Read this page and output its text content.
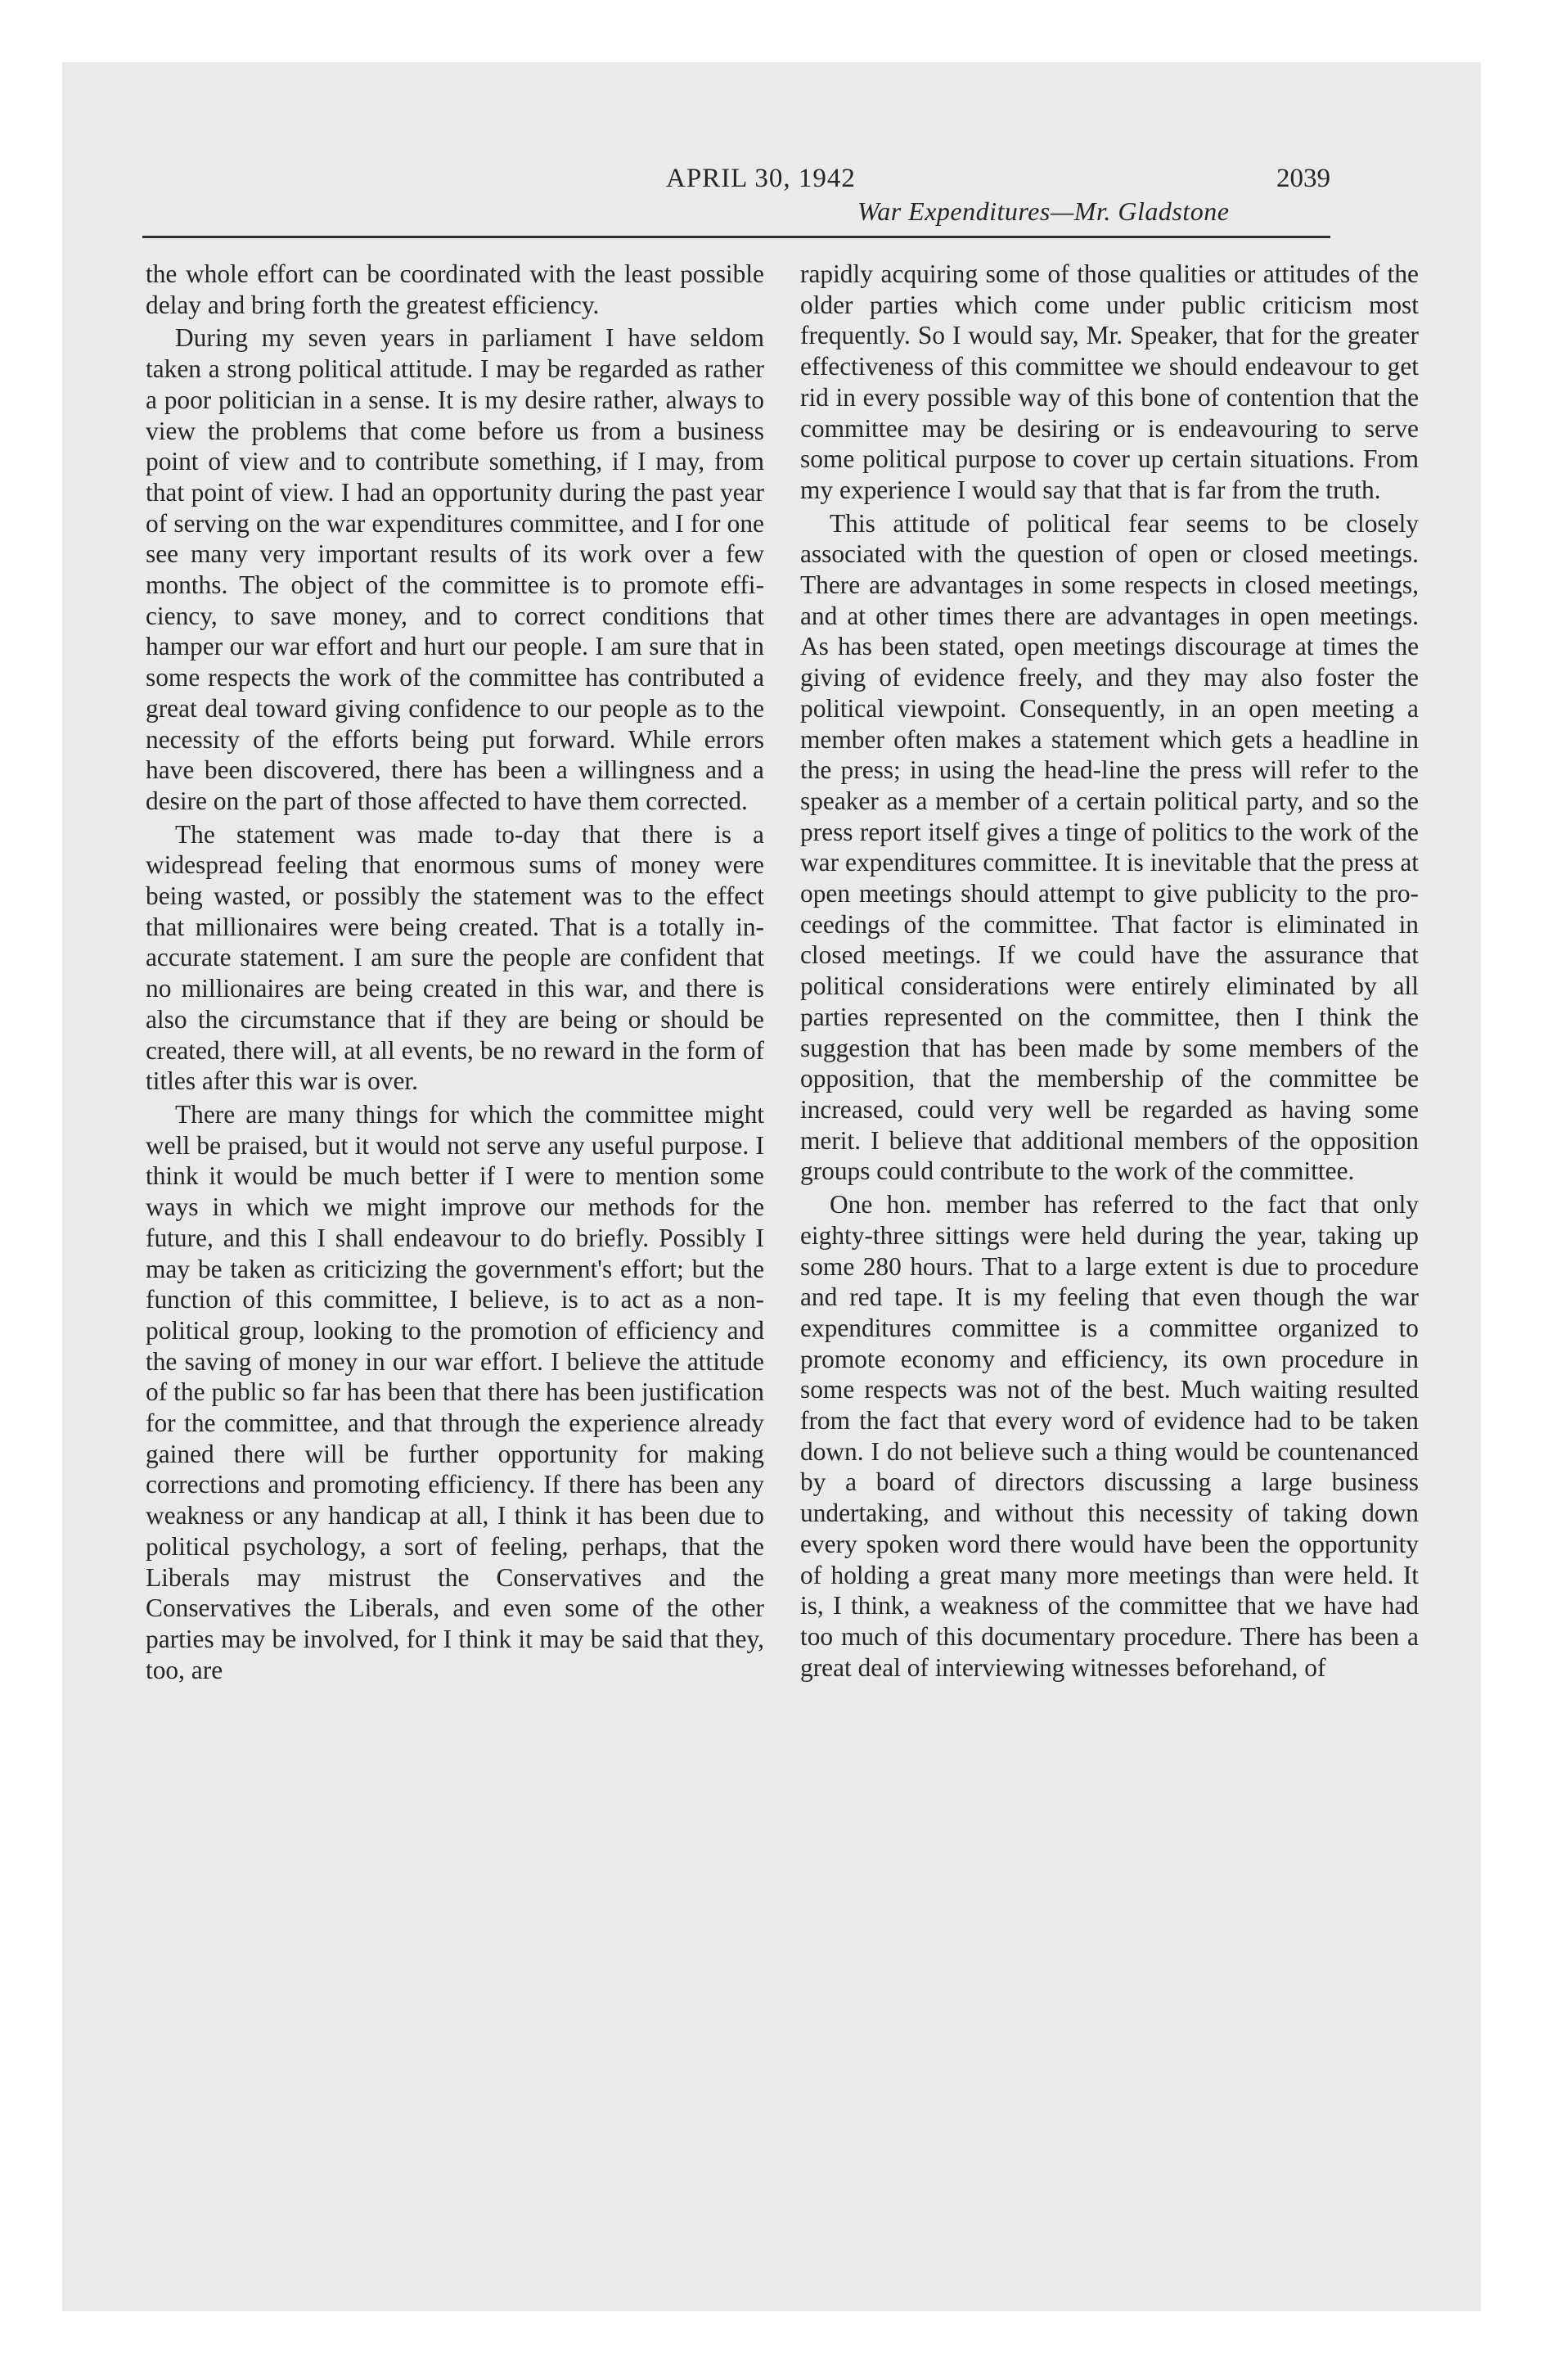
APRIL 30, 1942	2039
War Expenditures—Mr. Gladstone

the whole effort can be coordinated with the least possible delay and bring forth the greatest efficiency.

During my seven years in parliament I have seldom taken a strong political attitude. I may be regarded as rather a poor politician in a sense. It is my desire rather, always to view the problems that come before us from a business point of view and to contribute something, if I may, from that point of view. I had an opportunity during the past year of serving on the war expenditures committee, and I for one see many very important results of its work over a few months. The object of the committee is to promote efficiency, to save money, and to correct conditions that hamper our war effort and hurt our people. I am sure that in some respects the work of the committee has contributed a great deal toward giving confidence to our people as to the necessity of the efforts being put forward. While errors have been discovered, there has been a willingness and a desire on the part of those affected to have them corrected.

The statement was made to-day that there is a widespread feeling that enormous sums of money were being wasted, or possibly the statement was to the effect that millionaires were being created. That is a totally inaccurate statement. I am sure the people are confident that no millionaires are being created in this war, and there is also the circumstance that if they are being or should be created, there will, at all events, be no reward in the form of titles after this war is over.

There are many things for which the committee might well be praised, but it would not serve any useful purpose. I think it would be much better if I were to mention some ways in which we might improve our methods for the future, and this I shall endeavour to do briefly. Possibly I may be taken as criticizing the government's effort; but the function of this committee, I believe, is to act as a non-political group, looking to the promotion of efficiency and the saving of money in our war effort. I believe the attitude of the public so far has been that there has been justification for the committee, and that through the experience already gained there will be further opportunity for making corrections and promoting efficiency. If there has been any weakness or any handicap at all, I think it has been due to political psychology, a sort of feeling, perhaps, that the Liberals may mistrust the Conservatives and the Conservatives the Liberals, and even some of the other parties may be involved, for I think it may be said that they, too, are

rapidly acquiring some of those qualities or attitudes of the older parties which come under public criticism most frequently. So I would say, Mr. Speaker, that for the greater effectiveness of this committee we should endeavour to get rid in every possible way of this bone of contention that the committee may be desiring or is endeavouring to serve some political purpose to cover up certain situations. From my experience I would say that that is far from the truth.

This attitude of political fear seems to be closely associated with the question of open or closed meetings. There are advantages in some respects in closed meetings, and at other times there are advantages in open meetings. As has been stated, open meetings discourage at times the giving of evidence freely, and they may also foster the political viewpoint. Consequently, in an open meeting a member often makes a statement which gets a headline in the press; in using the head-line the press will refer to the speaker as a member of a certain political party, and so the press report itself gives a tinge of politics to the work of the war expenditures committee. It is inevitable that the press at open meetings should attempt to give publicity to the proceedings of the committee. That factor is eliminated in closed meetings. If we could have the assurance that political considerations were entirely eliminated by all parties represented on the committee, then I think the suggestion that has been made by some members of the opposition, that the membership of the committee be increased, could very well be regarded as having some merit. I believe that additional members of the opposition groups could contribute to the work of the committee.

One hon. member has referred to the fact that only eighty-three sittings were held during the year, taking up some 280 hours. That to a large extent is due to procedure and red tape. It is my feeling that even though the war expenditures committee is a committee organized to promote economy and efficiency, its own procedure in some respects was not of the best. Much waiting resulted from the fact that every word of evidence had to be taken down. I do not believe such a thing would be countenanced by a board of directors discussing a large business undertaking, and without this necessity of taking down every spoken word there would have been the opportunity of holding a great many more meetings than were held. It is, I think, a weakness of the committee that we have had too much of this documentary procedure. There has been a great deal of interviewing witnesses beforehand, of
